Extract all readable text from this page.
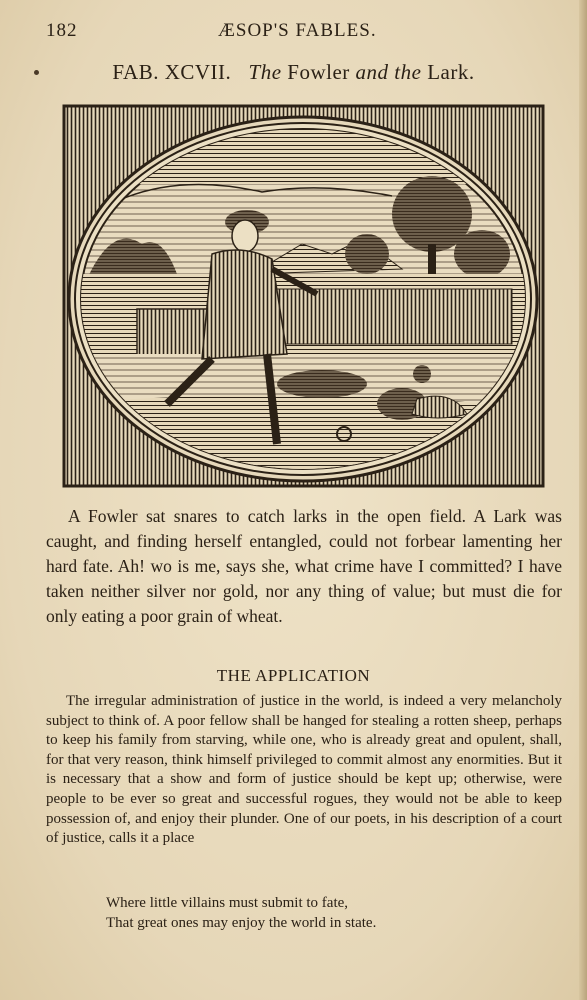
182	ÆSOP'S FABLES.
FAB. XCVII. The Fowler and the Lark.

A Fowler sat snares to catch larks in the open field. A Lark was caught, and finding herself entangled, could not forbear lamenting her hard fate. Ah! wo is me, says she, what crime have I committed? I have taken neither silver nor gold, nor any thing of value; but must die for only eating a poor grain of wheat.

THE APPLICATION

The irregular administration of justice in the world, is indeed a very melancholy subject to think of. A poor fellow shall be hanged for stealing a rotten sheep, perhaps to keep his family from starving, while one, who is already great and opulent, shall, for that very reason, think himself privileged to commit almost any enormities. But it is necessary that a show and form of justice should be kept up; otherwise, were people to be ever so great and successful rogues, they would not be able to keep possession of, and enjoy their plunder. One of our poets, in his description of a court of justice, calls it a place

Where little villains must submit to fate,
That great ones may enjoy the world in state.
